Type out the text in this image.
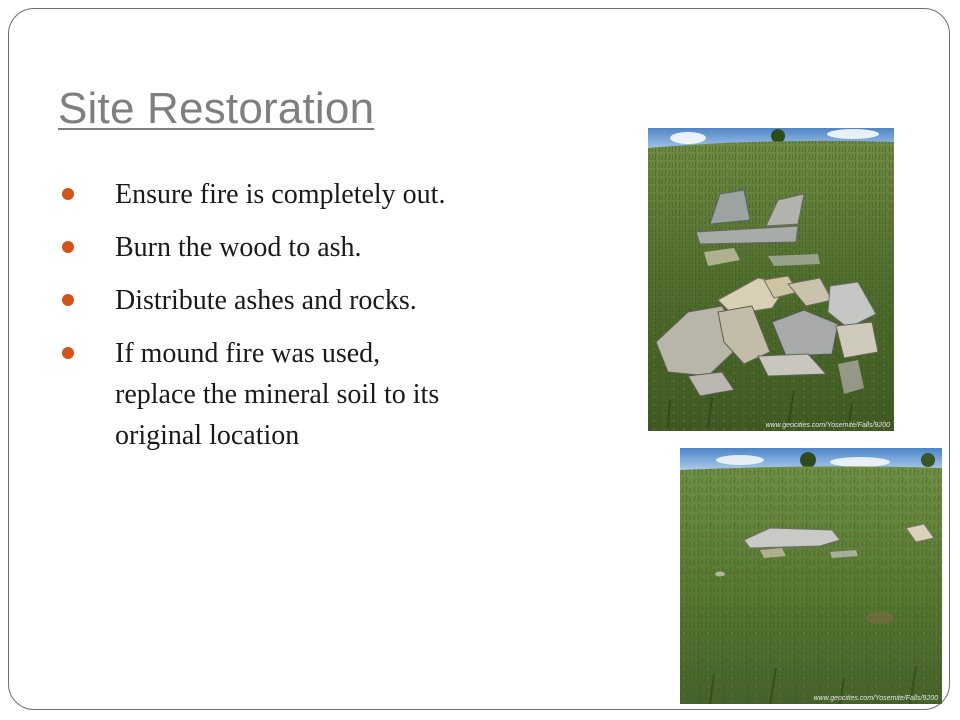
Site Restoration
Ensure fire is completely out.
Burn the wood to ash.
Distribute ashes and rocks.
If mound fire was used, replace the mineral soil to its original location	www.geocities.com/Yosemite/Falls/9200
www.geocities.com/Yosemite/Falls/9200
